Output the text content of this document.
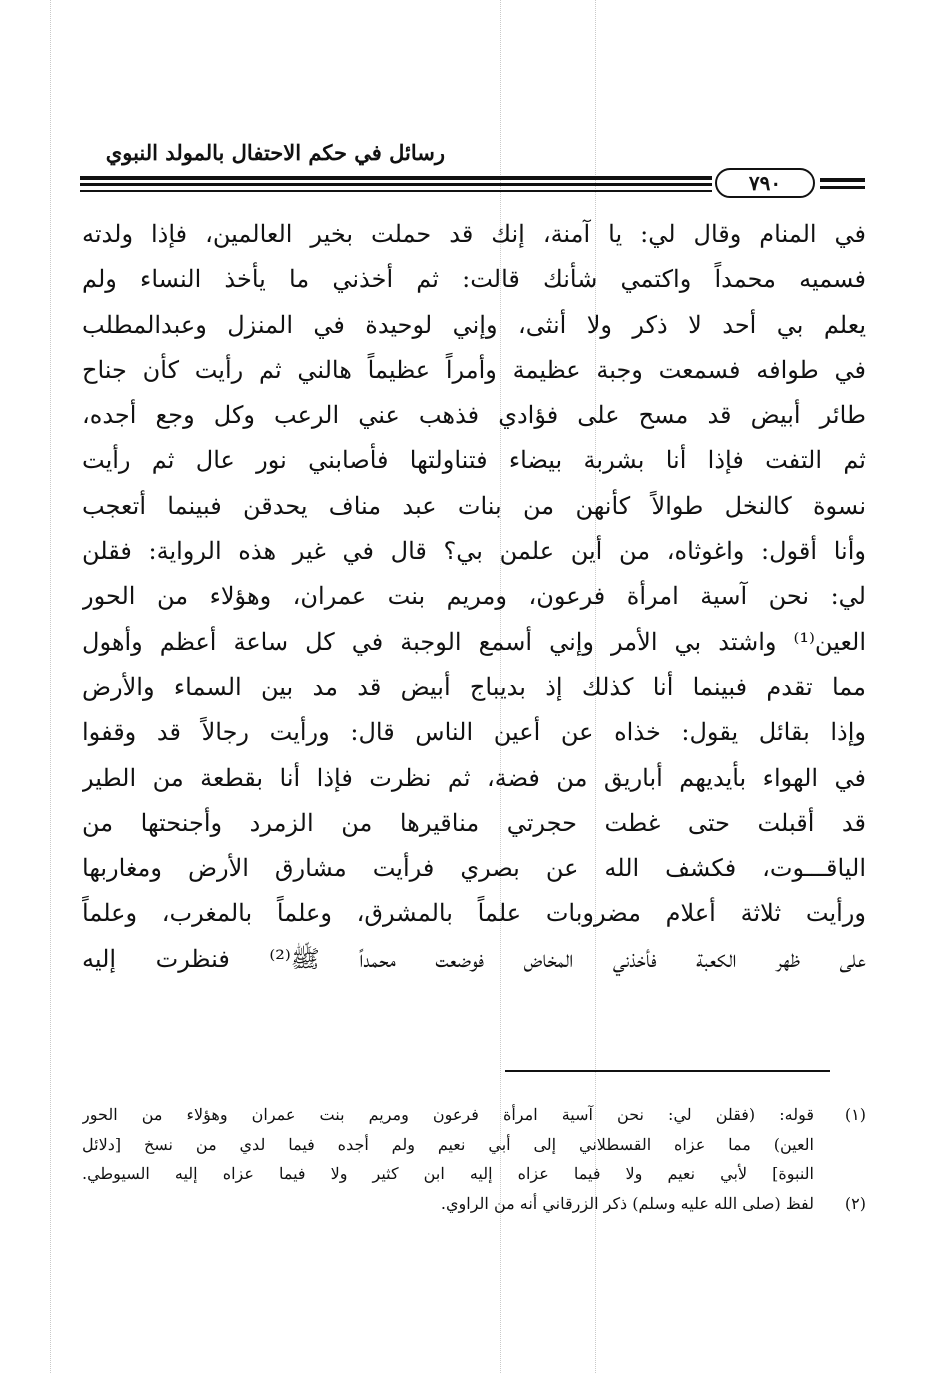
رسائل في حكم الاحتفال بالمولد النبوي
٧٩٠
في المنام وقال لي: يا آمنة، إنك قد حملت بخير العالمين، فإذا ولدته
فسميه محمداً واكتمي شأنك قالت: ثم أخذني ما يأخذ النساء ولم
يعلم بي أحد لا ذكر ولا أنثى، وإني لوحيدة في المنزل وعبدالمطلب
في طوافه فسمعت وجبة عظيمة وأمراً عظيماً هالني ثم رأيت كأن جناح
طائر أبيض قد مسح على فؤادي فذهب عني الرعب وكل وجع أجده،
ثم التفت فإذا أنا بشربة بيضاء فتناولتها فأصابني نور عال ثم رأيت
نسوة كالنخل طوالاً كأنهن من بنات عبد مناف يحدقن فبينما أتعجب
وأنا أقول: واغوثاه، من أين علمن بي؟ قال في غير هذه الرواية: فقلن
لي: نحن آسية امرأة فرعون، ومريم بنت عمران، وهؤلاء من الحور
العين⁽¹⁾ واشتد بي الأمر وإني أسمع الوجبة في كل ساعة أعظم وأهول
مما تقدم فبينما أنا كذلك إذ بديباج أبيض قد مد بين السماء والأرض
وإذا بقائل يقول: خذاه عن أعين الناس قال: ورأيت رجالاً قد وقفوا
في الهواء بأيديهم أباريق من فضة، ثم نظرت فإذا أنا بقطعة من الطير
قد أقبلت حتى غطت حجرتي مناقيرها من الزمرد وأجنحتها من
الياقـــوت، فكشف الله عن بصري فرأيت مشارق الأرض ومغاربها
ورأيت ثلاثة أعلام مضروبات علماً بالمشرق، وعلماً بالمغرب، وعلماً
على ظهر الكعبة فأخذني المخاض فوضعت محمداً ﷺ⁽²⁾ فنظرت إليه
(١)
قوله: (فقلن لي: نحن آسية امرأة فرعون ومريم بنت عمران وهؤلاء من الحور
العين) مما عزاه القسطلاني إلى أبي نعيم ولم أجده فيما لدي من نسخ [دلائل
النبوة] لأبي نعيم ولا فيما عزاه إليه ابن كثير ولا فيما عزاه إليه السيوطي.
(٢)
لفظ (صلى الله عليه وسلم) ذكر الزرقاني أنه من الراوي.
